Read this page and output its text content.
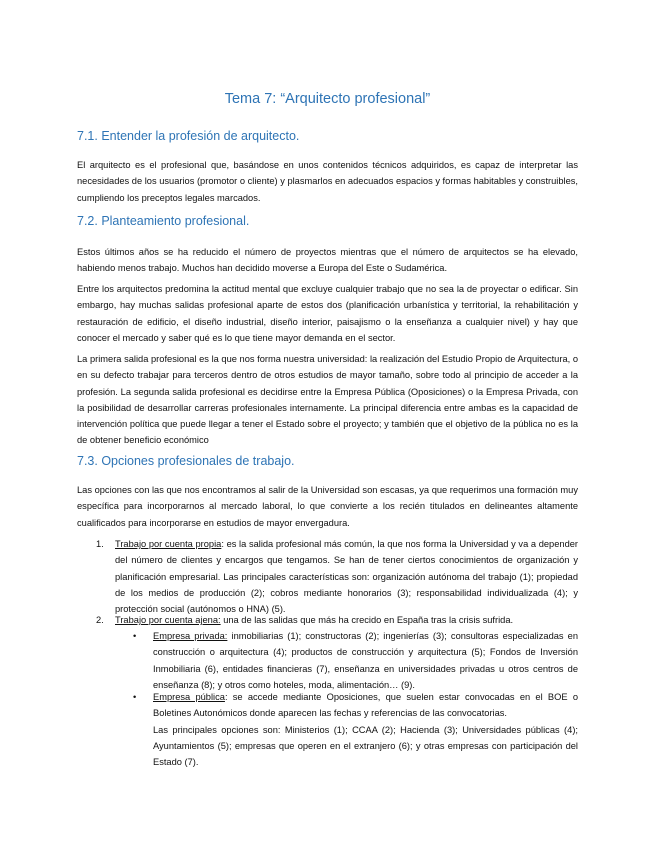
Tema 7: “Arquitecto profesional”
7.1. Entender la profesión de arquitecto.

El arquitecto es el profesional que, basándose en unos contenidos técnicos adquiridos, es capaz de interpretar las necesidades de los usuarios (promotor o cliente) y plasmarlos en adecuados espacios y formas habitables y construibles, cumpliendo los preceptos legales marcados.

7.2. Planteamiento profesional.

Estos últimos años se ha reducido el número de proyectos mientras que el número de arquitectos se ha elevado, habiendo menos trabajo. Muchos han decidido moverse a Europa del Este o Sudamérica.

Entre los arquitectos predomina la actitud mental que excluye cualquier trabajo que no sea la de proyectar o edificar. Sin embargo, hay muchas salidas profesional aparte de estos dos (planificación urbanística y territorial, la rehabilitación y restauración de edificio, el diseño industrial, diseño interior, paisajismo o la enseñanza a cualquier nivel) y hay que conocer el mercado y saber qué es lo que tiene mayor demanda en el sector.

La primera salida profesional es la que nos forma nuestra universidad: la realización del Estudio Propio de Arquitectura, o en su defecto trabajar para terceros dentro de otros estudios de mayor tamaño, sobre todo al principio de acceder a la profesión. La segunda salida profesional es decidirse entre la Empresa Pública (Oposiciones) o la Empresa Privada, con la posibilidad de desarrollar carreras profesionales internamente. La principal diferencia entre ambas es la capacidad de intervención política que puede llegar a tener el Estado sobre el proyecto; y también que el objetivo de la pública no es la de obtener beneficio económico

7.3. Opciones profesionales de trabajo.

Las opciones con las que nos encontramos al salir de la Universidad son escasas, ya que requerimos una formación muy específica para incorporarnos al mercado laboral, lo que convierte a los recién titulados en delineantes altamente cualificados para incorporarse en estudios de mayor envergadura.

1. Trabajo por cuenta propia: es la salida profesional más común, la que nos forma la Universidad y va a depender del número de clientes y encargos que tengamos. Se han de tener ciertos conocimientos de organización y planificación empresarial. Las principales características son: organización autónoma del trabajo (1); propiedad de los medios de producción (2); cobros mediante honorarios (3); responsabilidad individualizada (4); y protección social (autónomos o HNA) (5).

2. Trabajo por cuenta ajena: una de las salidas que más ha crecido en España tras la crisis sufrida.

• Empresa privada: inmobiliarias (1); constructoras (2); ingenierías (3); consultoras especializadas en construcción o arquitectura (4); productos de construcción y arquitectura (5); Fondos de Inversión Inmobiliaria (6), entidades financieras (7), enseñanza en universidades privadas u otros centros de enseñanza (8); y otros como hoteles, moda, alimentación… (9).

• Empresa pública: se accede mediante Oposiciones, que suelen estar convocadas en el BOE o Boletines Autonómicos donde aparecen las fechas y referencias de las convocatorias.
Las principales opciones son: Ministerios (1); CCAA (2); Hacienda (3); Universidades públicas (4); Ayuntamientos (5); empresas que operen en el extranjero (6); y otras empresas con participación del Estado (7).
